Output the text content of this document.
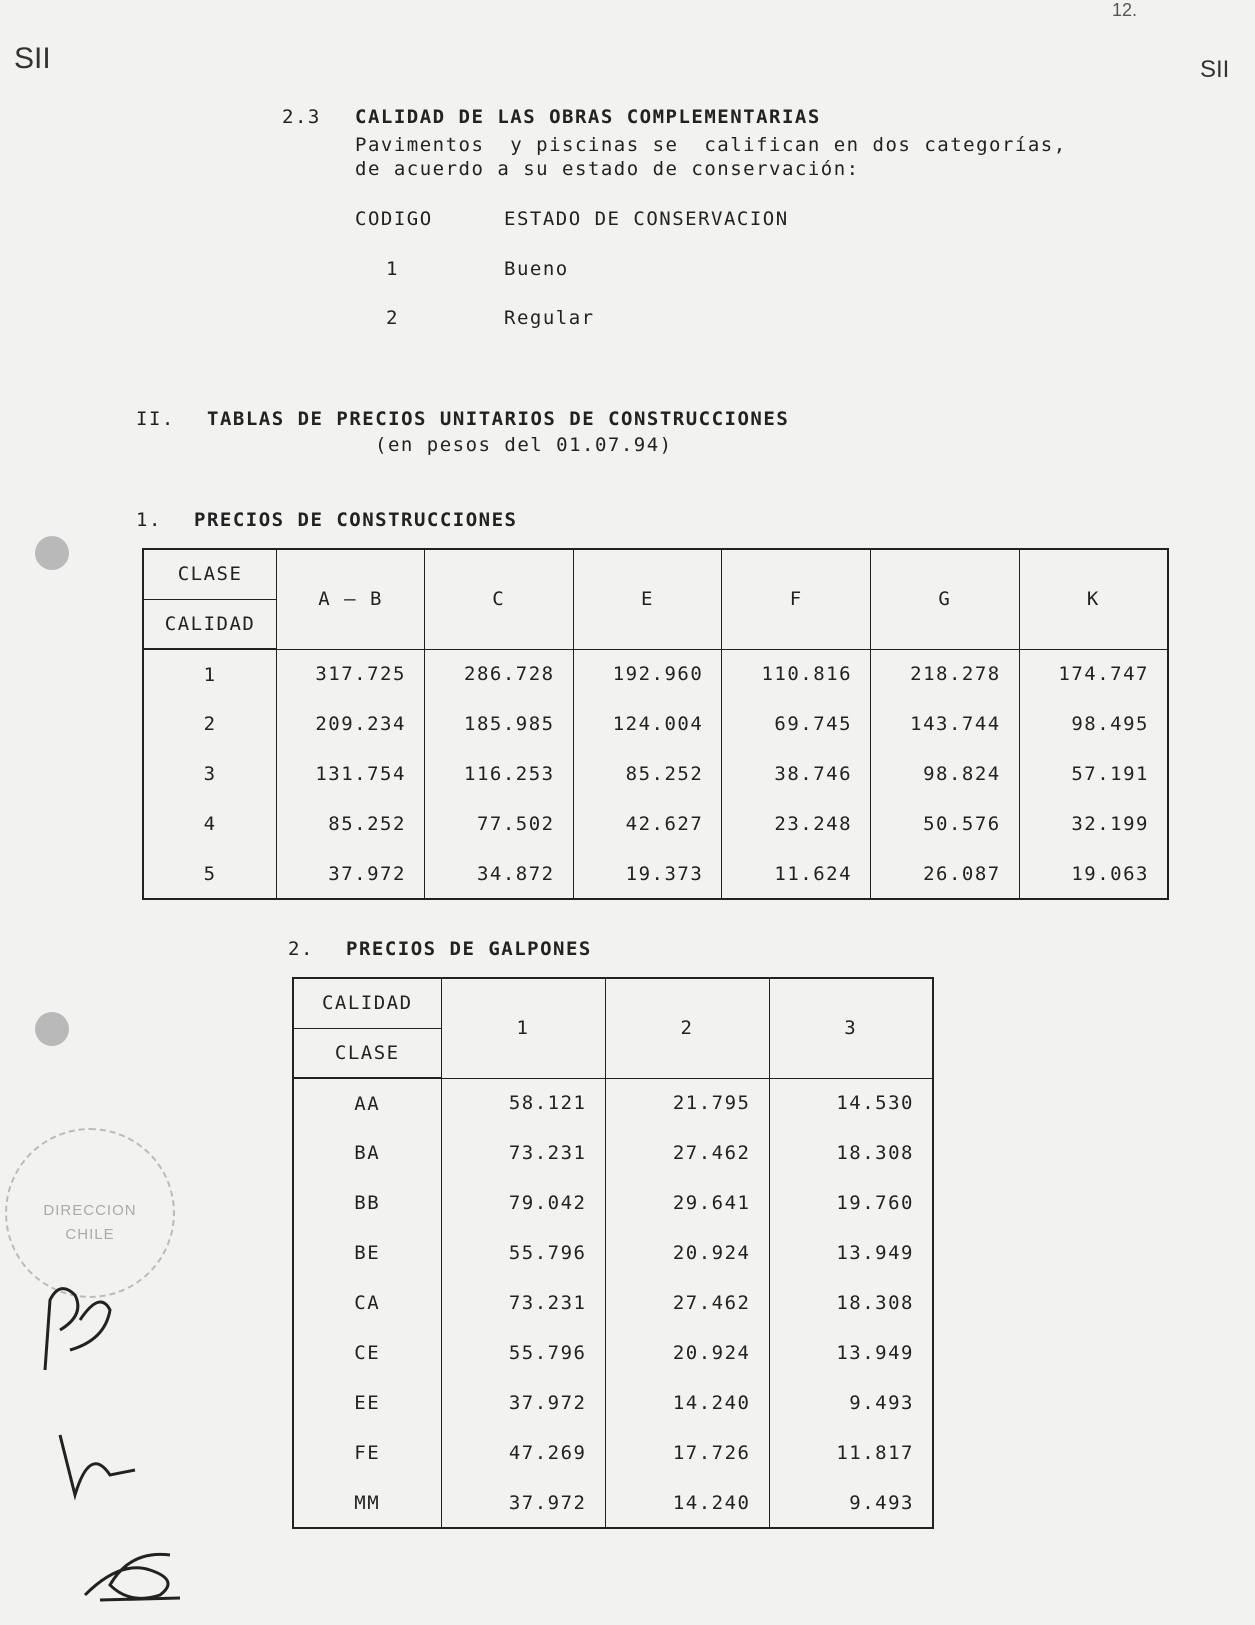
SII	SII
12.
2.3 CALIDAD DE LAS OBRAS COMPLEMENTARIAS
Pavimentos  y piscinas se  califican en dos categorías,
de acuerdo a su estado de conservación:
CODIGO	ESTADO DE CONSERVACION
1	Bueno
2	Regular
II. TABLAS DE PRECIOS UNITARIOS DE CONSTRUCCIONES
(en pesos del 01.07.94)
1. PRECIOS DE CONSTRUCCIONES
CLASE	A – B	C	E	F	G	K
CALIDAD						
1	317.725	286.728	192.960	110.816	218.278	174.747
2	209.234	185.985	124.004	69.745	143.744	98.495
3	131.754	116.253	85.252	38.746	98.824	57.191
4	85.252	77.502	42.627	23.248	50.576	32.199
5	37.972	34.872	19.373	11.624	26.087	19.063
2. PRECIOS DE GALPONES
CALIDAD	1	2	3
CLASE			
AA	58.121	21.795	14.530
BA	73.231	27.462	18.308
BB	79.042	29.641	19.760
BE	55.796	20.924	13.949
CA	73.231	27.462	18.308
CE	55.796	20.924	13.949
EE	37.972	14.240	9.493
FE	47.269	17.726	11.817
MM	37.972	14.240	9.493
DIRECCION
CHILE
